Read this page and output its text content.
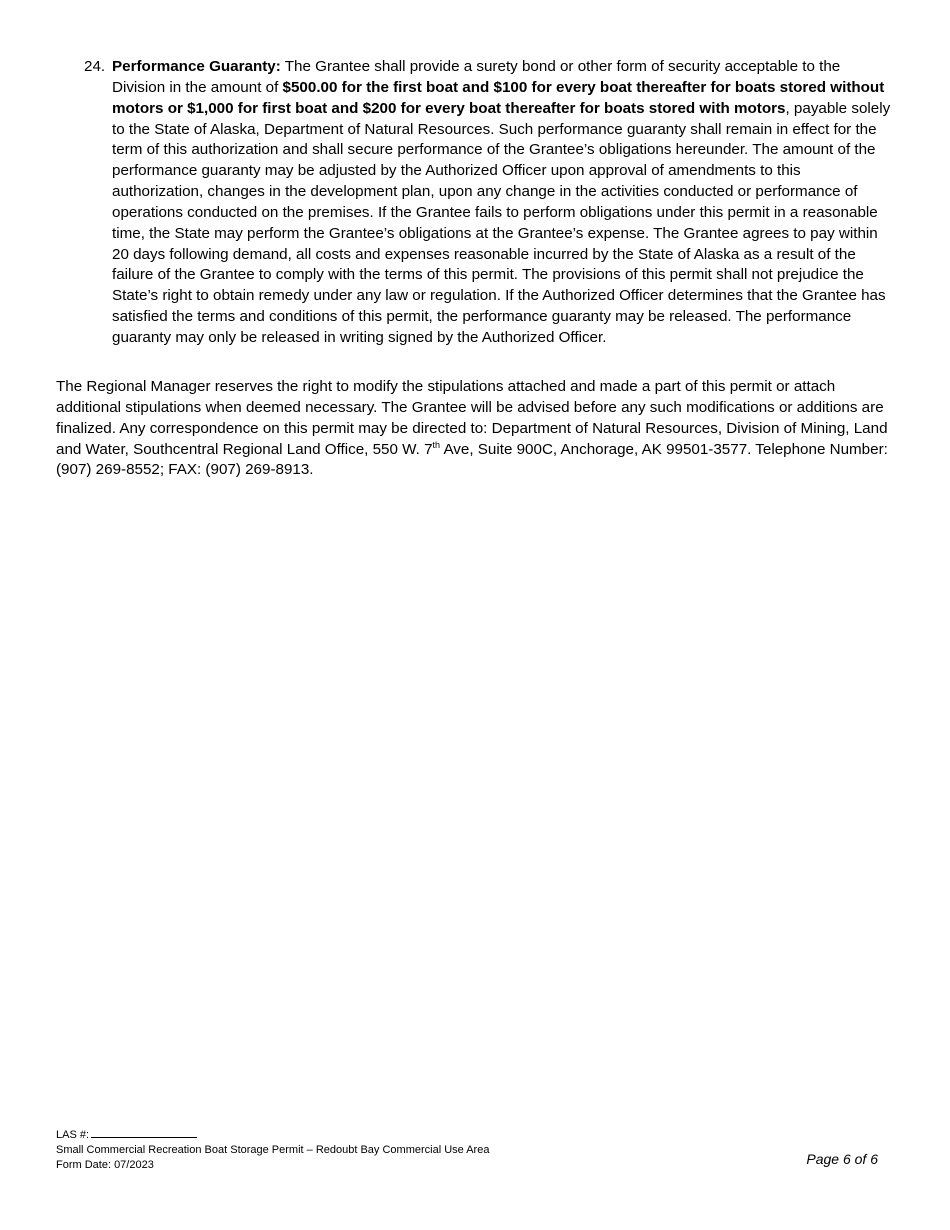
24. Performance Guaranty: The Grantee shall provide a surety bond or other form of security acceptable to the Division in the amount of $500.00 for the first boat and $100 for every boat thereafter for boats stored without motors or $1,000 for first boat and $200 for every boat thereafter for boats stored with motors, payable solely to the State of Alaska, Department of Natural Resources. Such performance guaranty shall remain in effect for the term of this authorization and shall secure performance of the Grantee’s obligations hereunder. The amount of the performance guaranty may be adjusted by the Authorized Officer upon approval of amendments to this authorization, changes in the development plan, upon any change in the activities conducted or performance of operations conducted on the premises. If the Grantee fails to perform obligations under this permit in a reasonable time, the State may perform the Grantee’s obligations at the Grantee’s expense. The Grantee agrees to pay within 20 days following demand, all costs and expenses reasonable incurred by the State of Alaska as a result of the failure of the Grantee to comply with the terms of this permit. The provisions of this permit shall not prejudice the State’s right to obtain remedy under any law or regulation. If the Authorized Officer determines that the Grantee has satisfied the terms and conditions of this permit, the performance guaranty may be released. The performance guaranty may only be released in writing signed by the Authorized Officer.
The Regional Manager reserves the right to modify the stipulations attached and made a part of this permit or attach additional stipulations when deemed necessary. The Grantee will be advised before any such modifications or additions are finalized. Any correspondence on this permit may be directed to: Department of Natural Resources, Division of Mining, Land and Water, Southcentral Regional Land Office, 550 W. 7th Ave, Suite 900C, Anchorage, AK 99501-3577. Telephone Number: (907) 269-8552; FAX: (907) 269-8913.
LAS #:
Small Commercial Recreation Boat Storage Permit – Redoubt Bay Commercial Use Area
Form Date: 07/2023	Page 6 of 6
